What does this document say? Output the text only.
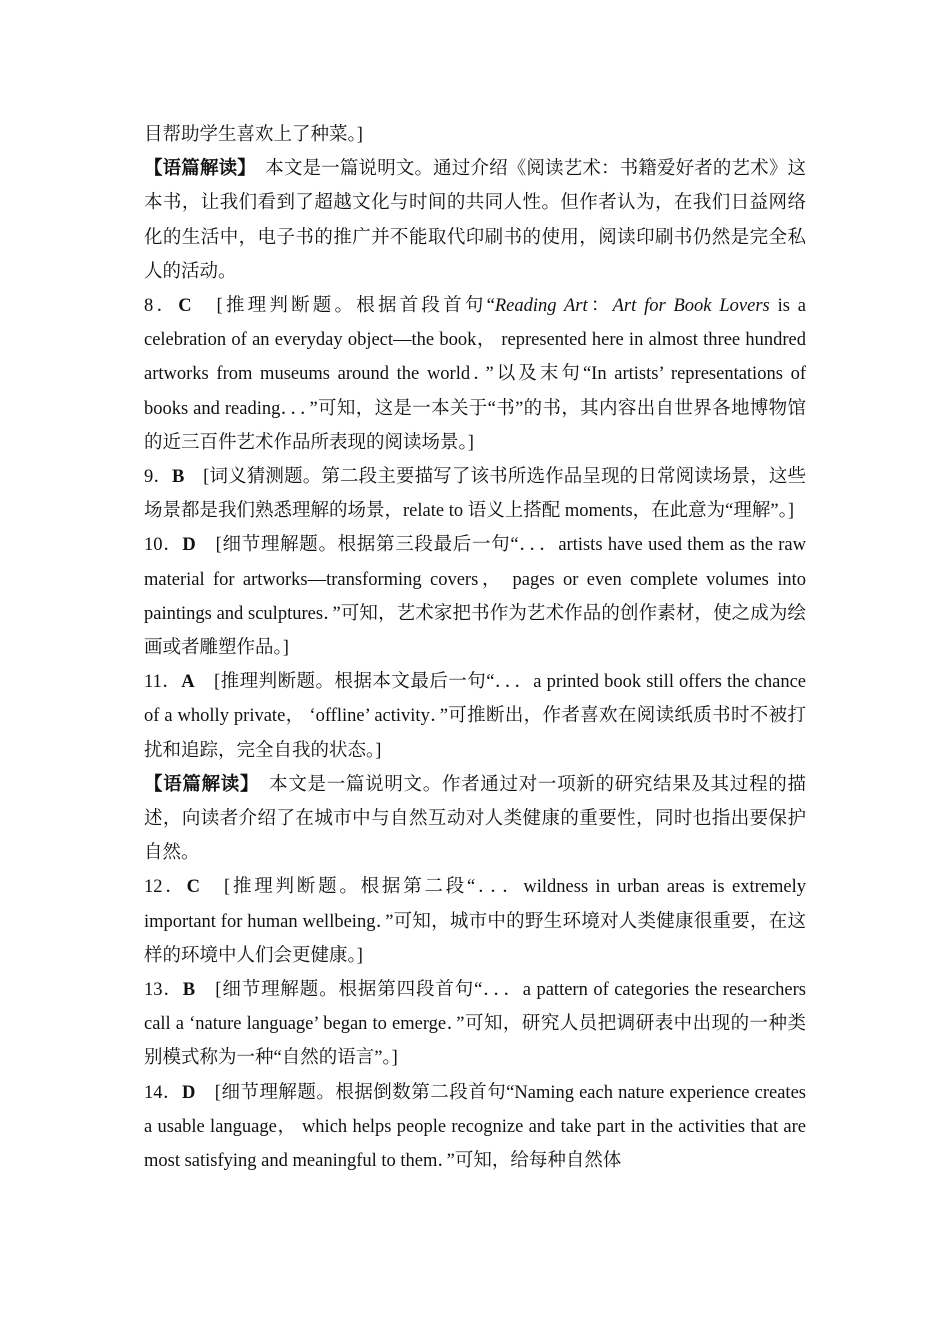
目帮助学生喜欢上了种菜。]

【语篇解读】　本文是一篇说明文。通过介绍《阅读艺术：书籍爱好者的艺术》这本书，让我们看到了超越文化与时间的共同人性。但作者认为，在我们日益网络化的生活中，电子书的推广并不能取代印刷书的使用，阅读印刷书仍然是完全私人的活动。

8．C　[推理判断题。根据首段首句“Reading Art：Art for Book Lovers is a celebration of an everyday object—the book， represented here in almost three hundred artworks from museums around the world．”以及末句“In artists’ representations of books and reading．．．”可知，这是一本关于“书”的书，其内容出自世界各地博物馆的近三百件艺术作品所表现的阅读场景。]

9．B　[词义猜测题。第二段主要描写了该书所选作品呈现的日常阅读场景，这些场景都是我们熟悉理解的场景，relate to 语义上搭配 moments，在此意为“理解”。]

10．D　[细节理解题。根据第三段最后一句“．．．artists have used them as the raw material for artworks—transforming covers， pages or even complete volumes into paintings and sculptures．”可知，艺术家把书作为艺术作品的创作素材，使之成为绘画或者雕塑作品。]

11．A　[推理判断题。根据本文最后一句“．．．a printed book still offers the chance of a wholly private， ‘offline’ activity．”可推断出，作者喜欢在阅读纸质书时不被打扰和追踪，完全自我的状态。]

【语篇解读】　本文是一篇说明文。作者通过对一项新的研究结果及其过程的描述，向读者介绍了在城市中与自然互动对人类健康的重要性，同时也指出要保护自然。

12．C　[推理判断题。根据第二段“．．．wildness in urban areas is extremely important for human wellbeing．”可知，城市中的野生环境对人类健康很重要，在这样的环境中人们会更健康。]

13．B　[细节理解题。根据第四段首句“．．．a pattern of categories the researchers call a ‘nature language’ began to emerge．”可知，研究人员把调研表中出现的一种类别模式称为一种“自然的语言”。]

14．D　[细节理解题。根据倒数第二段首句“Naming each nature experience creates a usable language， which helps people recognize and take part in the activities that are most satisfying and meaningful to them．”可知，给每种自然体
